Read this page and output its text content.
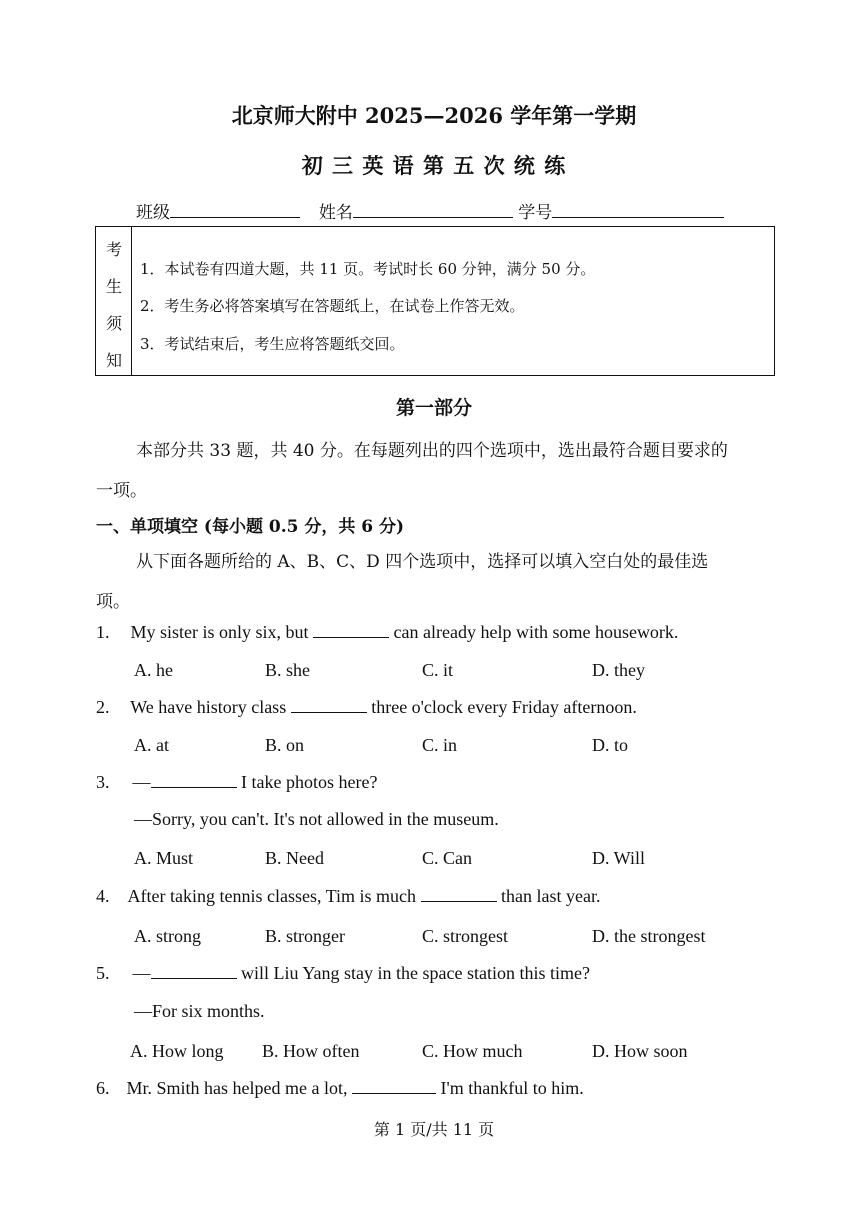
北京师大附中 2025—2026 学年第一学期
初 三 英 语 第 五 次 统 练
班级	姓名	学号
考
生
须
知
1．本试卷有四道大题，共 11 页。考试时长 60 分钟，满分 50 分。
2．考生务必将答案填写在答题纸上，在试卷上作答无效。
3．考试结束后，考生应将答题纸交回。
第一部分
本部分共 33 题，共 40 分。在每题列出的四个选项中，选出最符合题目要求的
一项。
一、单项填空 (每小题 0.5 分，共 6 分)
从下面各题所给的 A、B、C、D 四个选项中，选择可以填入空白处的最佳选
项。
1. My sister is only six, but	can already help with some housework.
A. he	B. she	C. it	D. they
2. We have history class	three o'clock every Friday afternoon.
A. at	B. on	C. in	D. to
3. —	I take photos here?
—Sorry, you can't. It's not allowed in the museum.
A. Must	B. Need	C. Can	D. Will
4. After taking tennis classes, Tim is much	than last year.
A. strong	B. stronger	C. strongest	D. the strongest
5. —	will Liu Yang stay in the space station this time?
—For six months.
A. How long B. How often	C. How much	D. How soon
6. Mr. Smith has helped me a lot,	I'm thankful to him.
第 1 页/共 11 页
